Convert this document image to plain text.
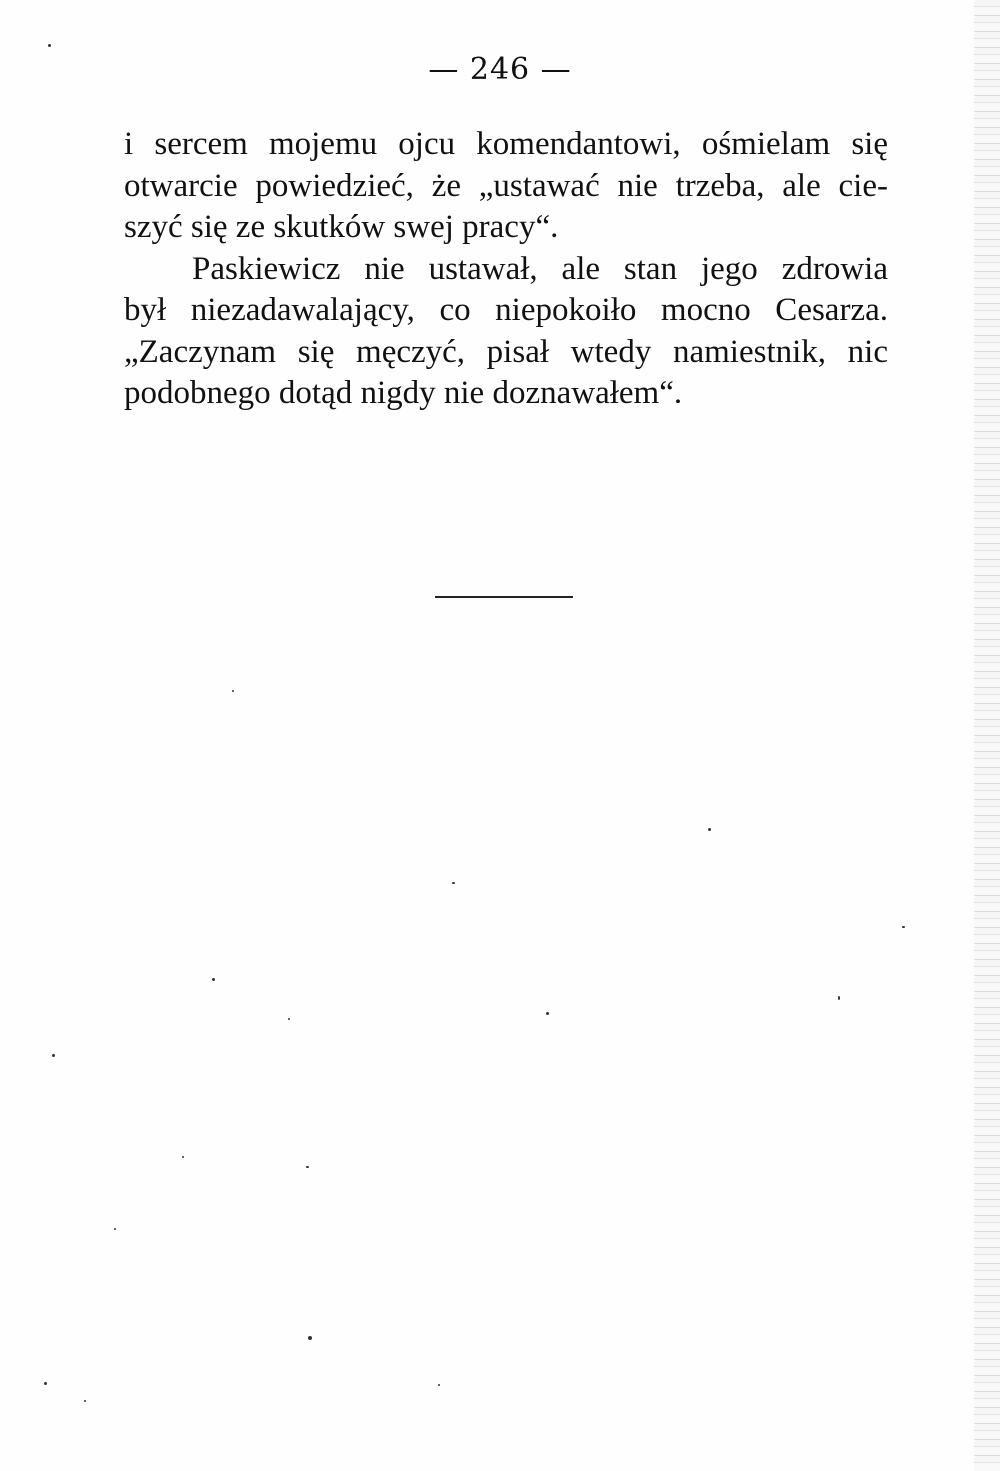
— 246 —
i sercem mojemu ojcu komendantowi, ośmielam się
otwarcie powiedzieć, że „ustawać nie trzeba, ale cie-
szyć się ze skutków swej pracy“.
Paskiewicz nie ustawał, ale stan jego zdrowia
był niezadawalający, co niepokoiło mocno Cesarza.
„Zaczynam się męczyć, pisał wtedy namiestnik, nic
podobnego dotąd nigdy nie doznawałem“.
